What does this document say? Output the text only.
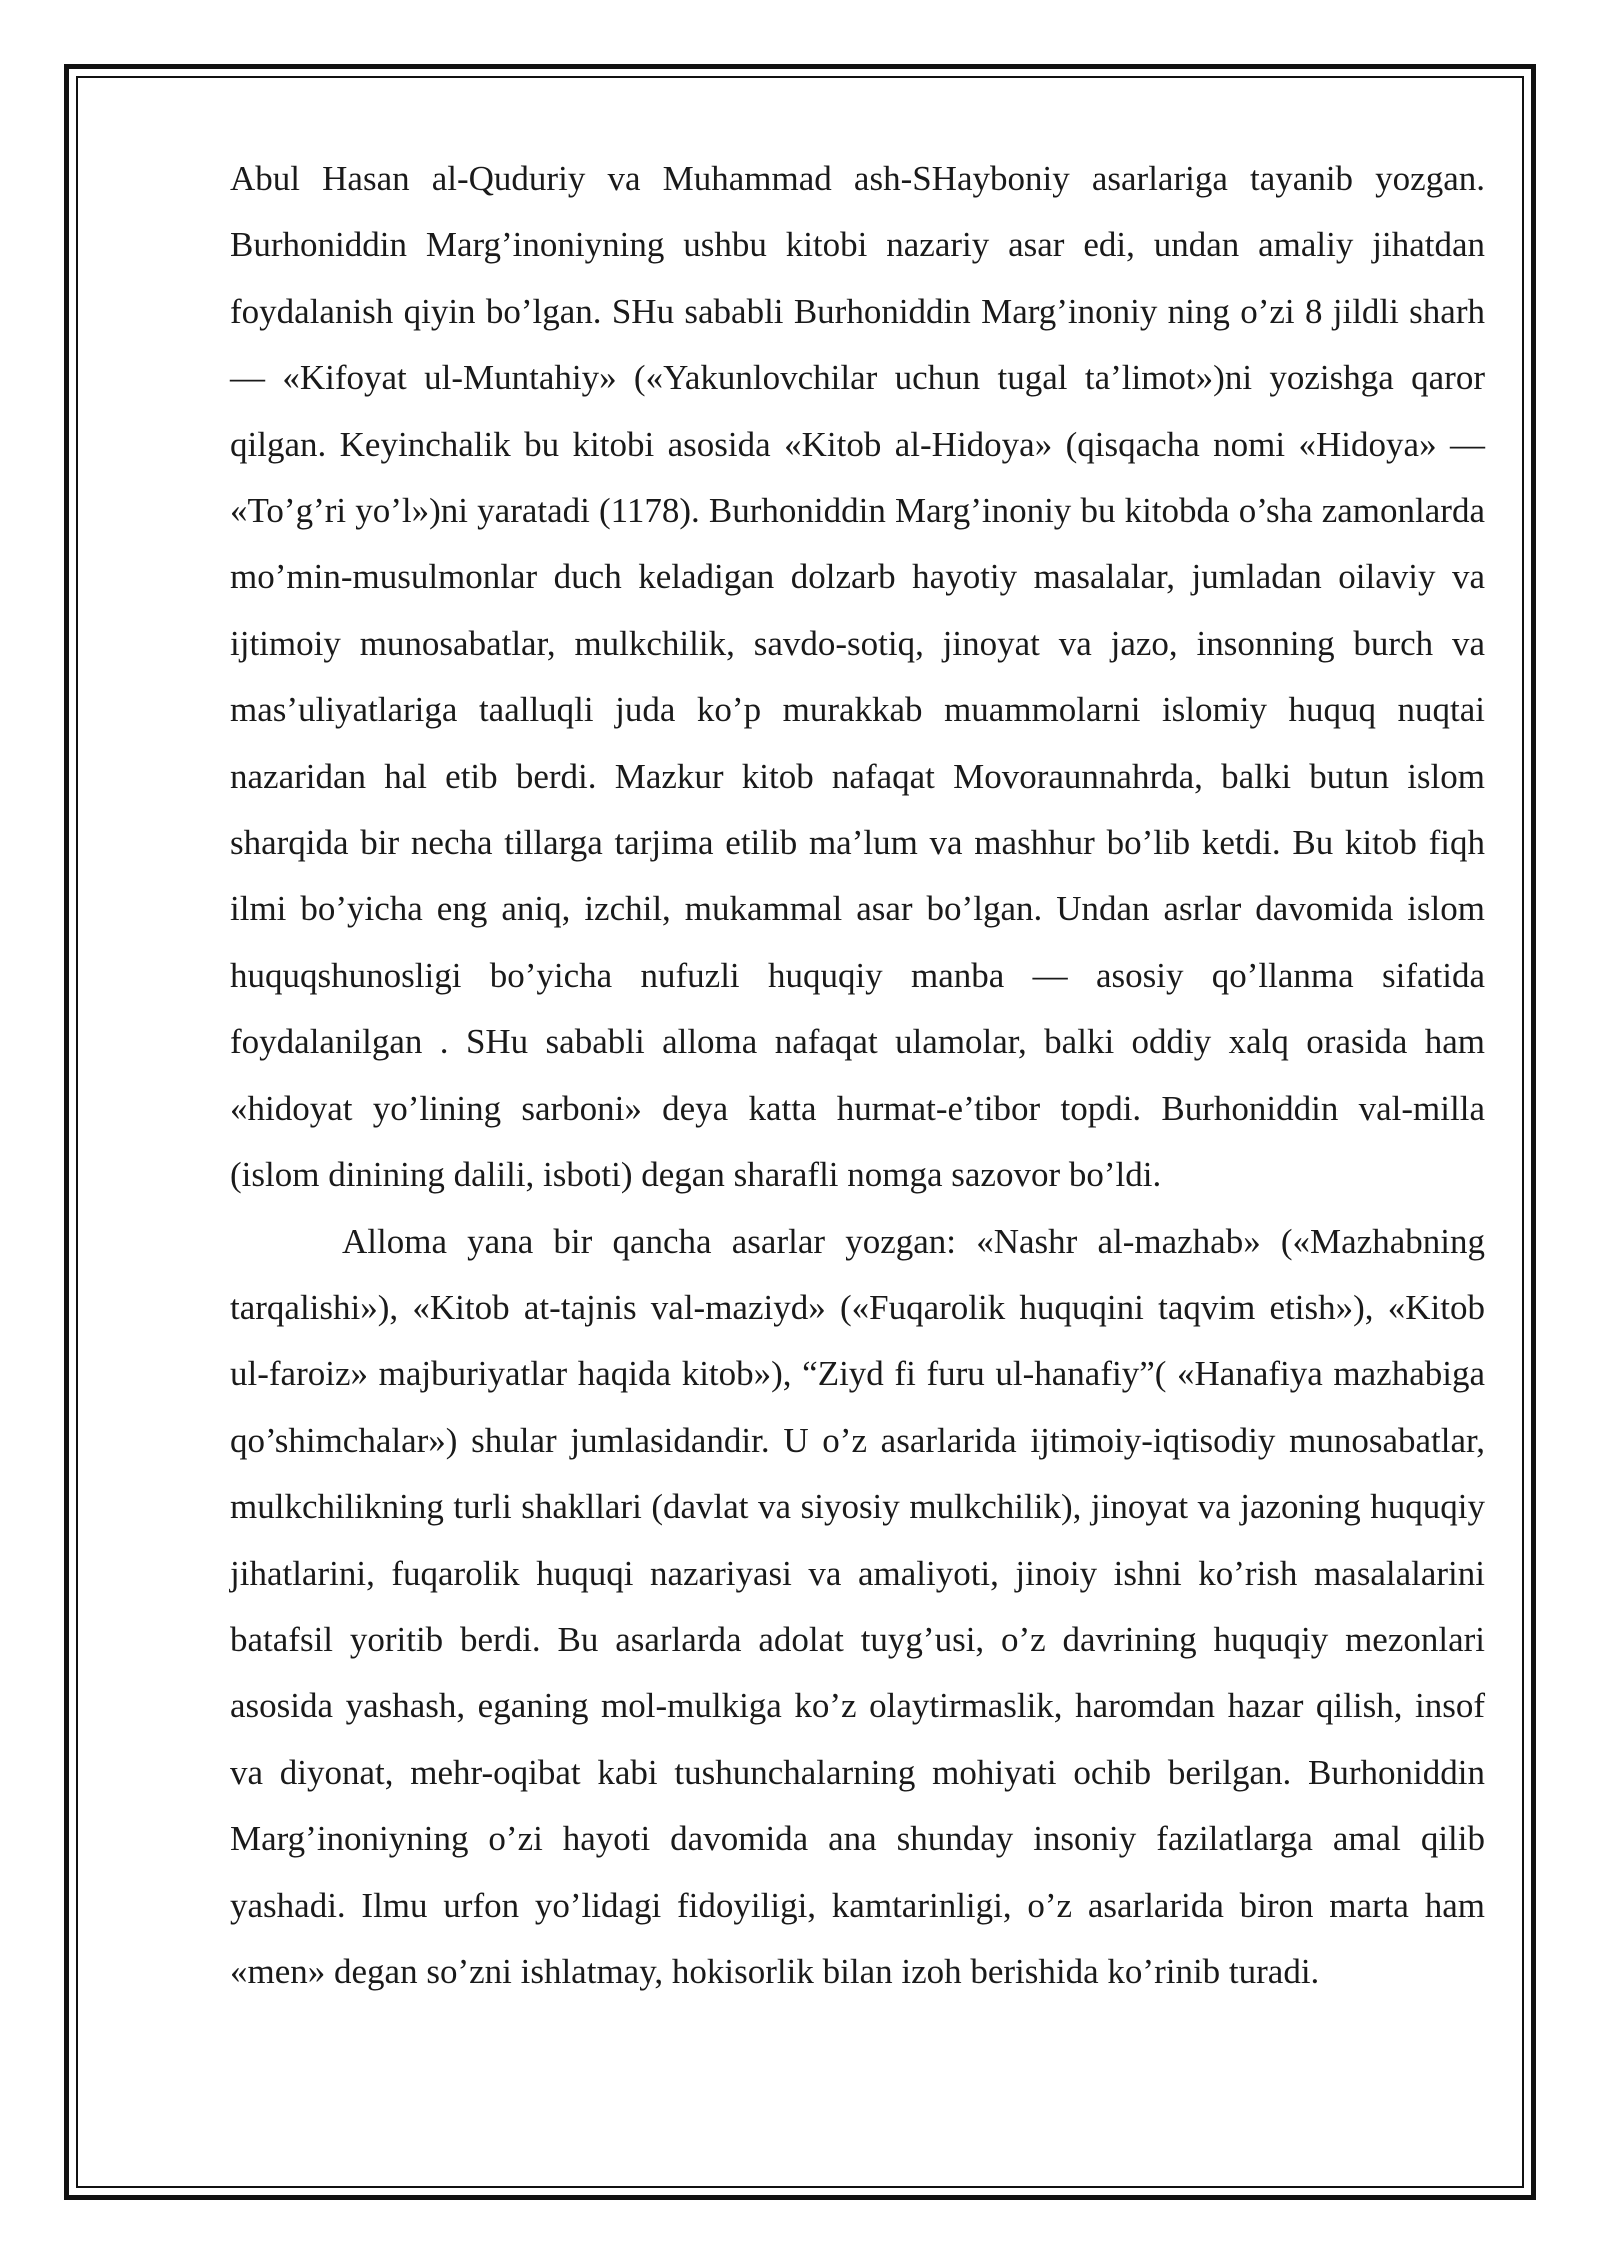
Abul Hasan al-Quduriy va Muhammad ash-SHayboniy asarlariga tayanib yozgan. Burhoniddin Marg’inoniyning ushbu kitobi nazariy asar edi, undan amaliy jihatdan foydalanish qiyin bo’lgan. SHu sababli Burhoniddin Marg’inoniy ning o’zi 8 jildli sharh — «Kifoyat ul-Muntahiy» («Yakunlovchilar uchun tugal ta’limot»)ni yozishga qaror qilgan. Keyinchalik bu kitobi asosida «Kitob al-Hidoya» (qisqacha nomi «Hidoya» — «To’g’ri yo’l»)ni yaratadi (1178). Burhoniddin Marg’inoniy bu kitobda o’sha zamonlarda mo’min-musulmonlar duch keladigan dolzarb hayotiy masalalar, jumladan oilaviy va ijtimoiy munosabatlar, mulkchilik, savdo-sotiq, jinoyat va jazo, insonning burch va mas’uliyatlariga taalluqli juda ko’p murakkab muammolarni islomiy huquq nuqtai nazaridan hal etib berdi. Mazkur kitob nafaqat Movoraunnahrda, balki butun islom sharqida bir necha tillarga tarjima etilib ma’lum va mashhur bo’lib ketdi. Bu kitob fiqh ilmi bo’yicha eng aniq, izchil, mukammal asar bo’lgan. Undan asrlar davomida islom huquqshunosligi bo’yicha nufuzli huquqiy manba — asosiy qo’llanma sifatida foydalanilgan . SHu sababli alloma nafaqat ulamolar, balki oddiy xalq orasida ham «hidoyat yo’lining sarboni» deya katta hurmat-e’tibor topdi. Burhoniddin val-milla (islom dinining dalili, isboti) degan sharafli nomga sazovor bo’ldi.

Alloma yana bir qancha asarlar yozgan: «Nashr al-mazhab» («Mazhabning tarqalishi»), «Kitob at-tajnis val-maziyd» («Fuqarolik huquqini taqvim etish»), «Kitob ul-faroiz» majburiyatlar haqida kitob»), “Ziyd fi furu ul-hanafiy”( «Hanafiya mazhabiga qo’shimchalar») shular jumlasidandir. U o’z asarlarida ijtimoiy-iqtisodiy munosabatlar, mulkchilikning turli shakllari (davlat va siyosiy mulkchilik), jinoyat va jazoning huquqiy jihatlarini, fuqarolik huquqi nazariyasi va amaliyoti, jinoiy ishni ko’rish masalalarini batafsil yoritib berdi. Bu asarlarda adolat tuyg’usi, o’z davrining huquqiy mezonlari asosida yashash, eganing mol-mulkiga ko’z olaytirmaslik, haromdan hazar qilish, insof va diyonat, mehr-oqibat kabi tushunchalarning mohiyati ochib berilgan. Burhoniddin Marg’inoniyning o’zi hayoti davomida ana shunday insoniy fazilatlarga amal qilib yashadi. Ilmu urfon yo’lidagi fidoyiligi, kamtarinligi, o’z asarlarida biron marta ham «men» degan so’zni ishlatmay, hokisorlik bilan izoh berishida ko’rinib turadi.
